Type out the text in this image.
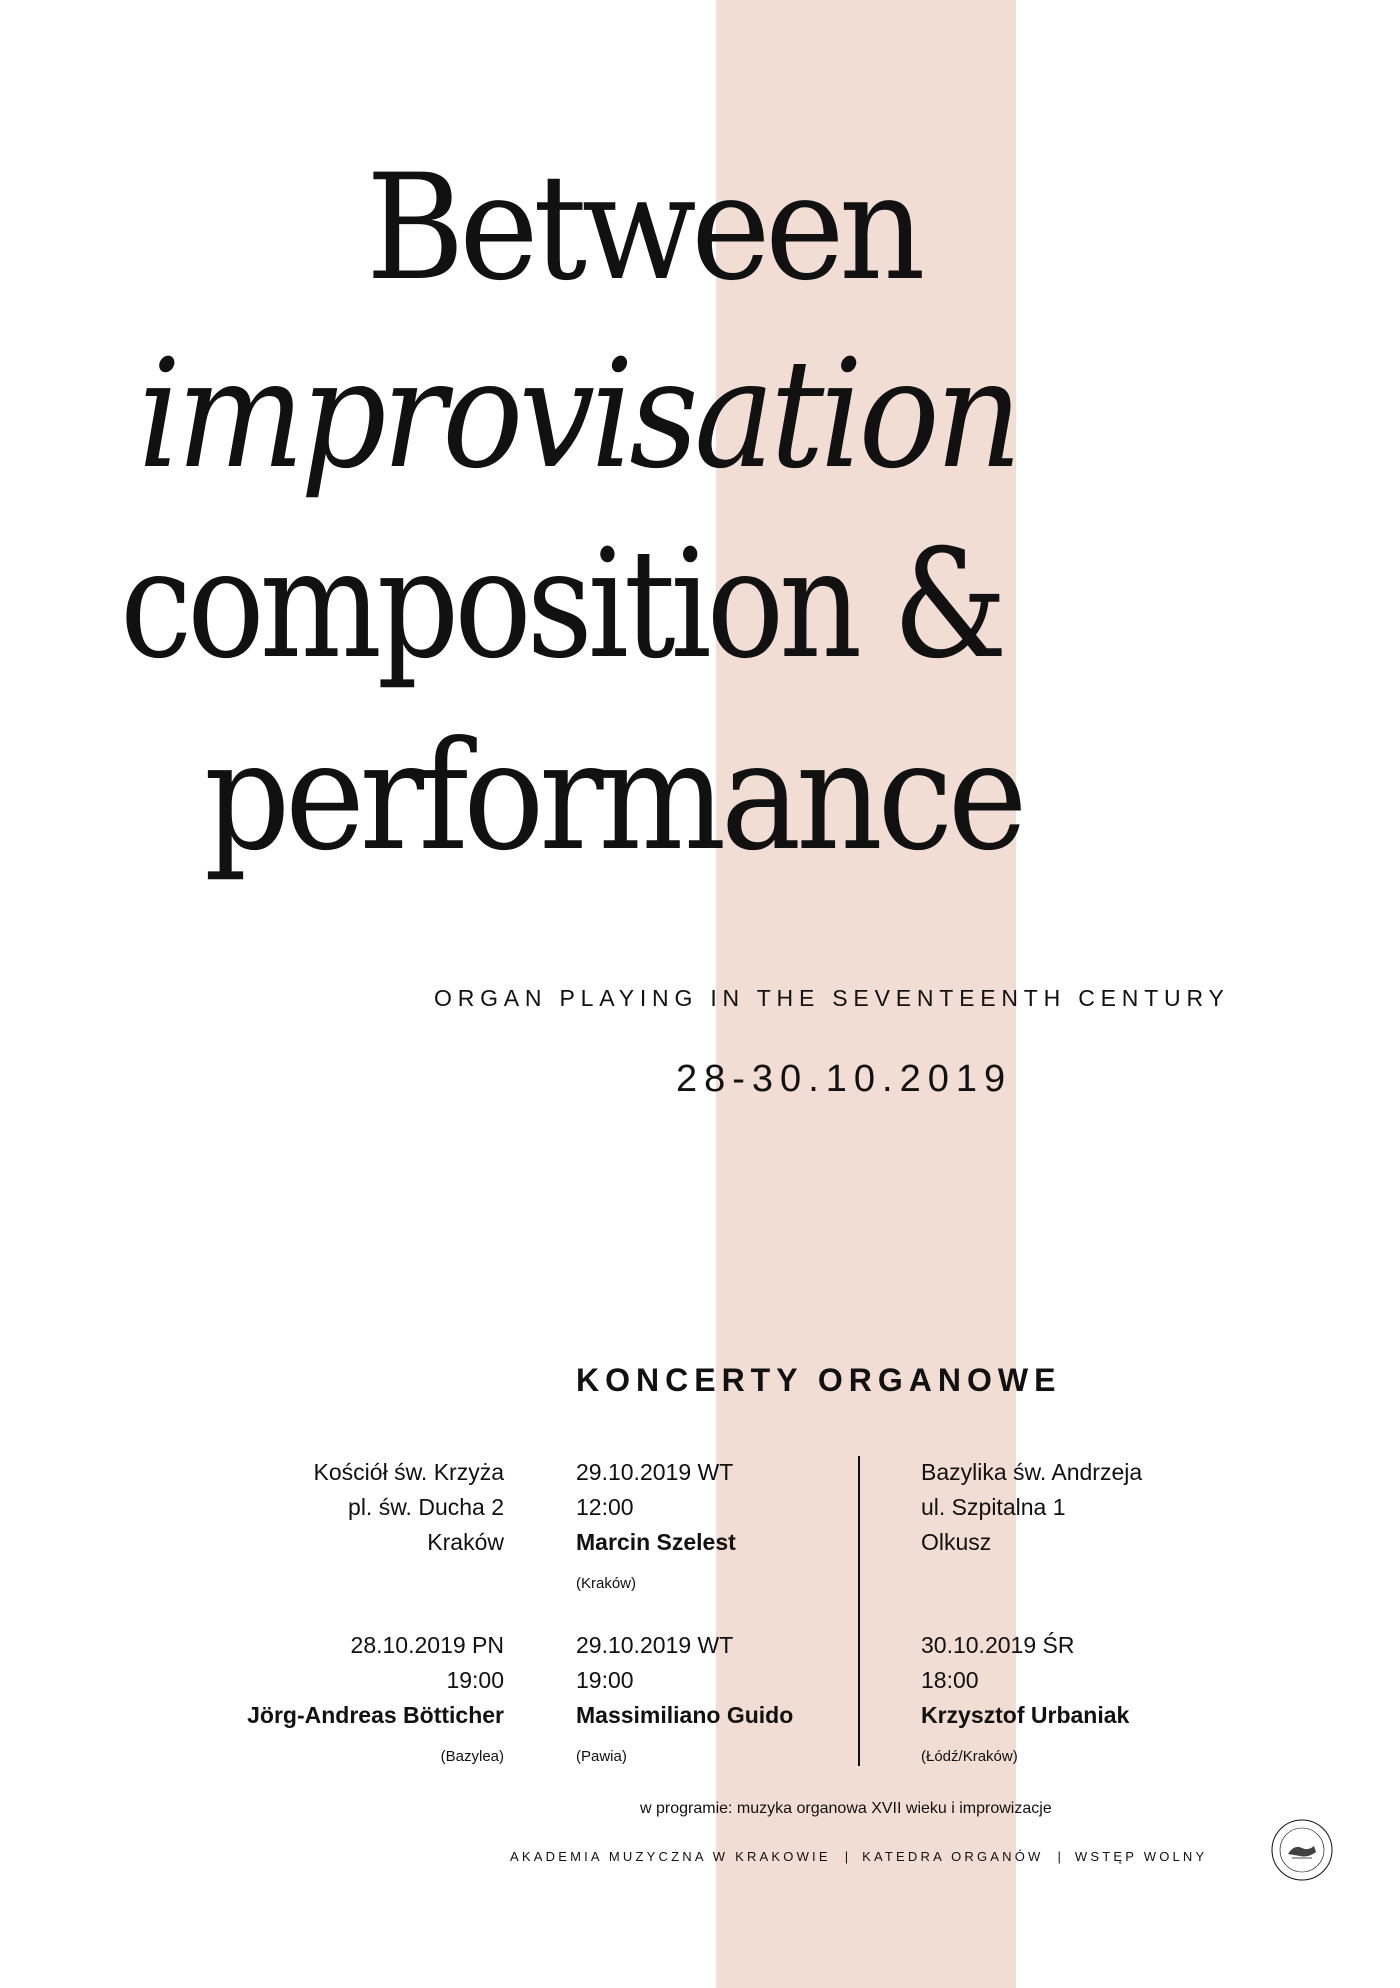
Between
improvisation
composition &
performance
ORGAN PLAYING IN THE SEVENTEENTH CENTURY
28-30.10.2019
KONCERTY ORGANOWE
Kościół św. Krzyża
pl. św. Ducha 2
Kraków
29.10.2019 WT
12:00
Marcin Szelest
(Kraków)
Bazylika św. Andrzeja
ul. Szpitalna 1
Olkusz
28.10.2019 PN
19:00
Jörg-Andreas Bötticher
(Bazylea)
29.10.2019 WT
19:00
Massimiliano Guido
(Pawia)
30.10.2019 ŚR
18:00
Krzysztof Urbaniak
(Łódź/Kraków)
w programie: muzyka organowa XVII wieku i improwizacje
AKADEMIA MUZYCZNA W KRAKOWIE | KATEDRA ORGANÓW | WSTĘP WOLNY
